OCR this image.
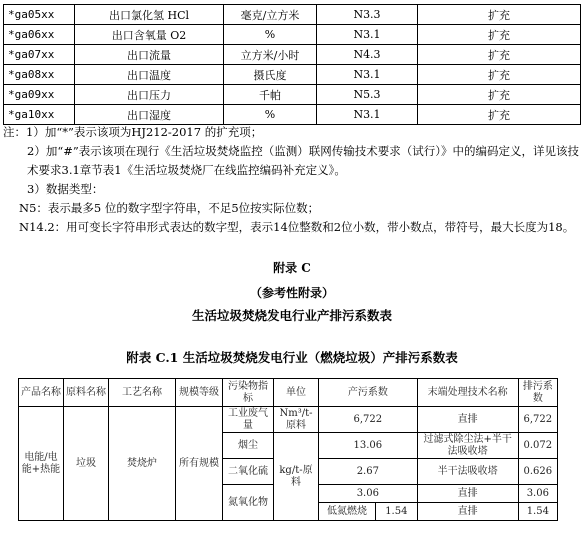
*ga05xx	出口氯化氢 HCl	毫克/立方米	N3.3	扩充
*ga06xx	出口含氧量 O2	%	N3.1	扩充
*ga07xx	出口流量	立方米/小时	N4.3	扩充
*ga08xx	出口温度	摄氏度	N3.1	扩充
*ga09xx	出口压力	千帕	N5.3	扩充
*ga10xx	出口湿度	%	N3.1	扩充

注：1）加“*”表示该项为HJ212-2017 的扩充项；

2）加“#”表示该项在现行《生活垃圾焚烧监控（监测）联网传输技术要求（试行）》中的编码定义，详见该技术要求3.1章节表1《生活垃圾焚烧厂在线监控编码补充定义》。

3）数据类型：

N5：表示最多5 位的数字型字符串，不足5位按实际位数；

N14.2：用可变长字符串形式表达的数字型，表示14位整数和2位小数，带小数点，带符号，最大长度为18。

附录 C
（参考性附录）
生活垃圾焚烧发电行业产排污系数表
附表 C.1 生活垃圾焚烧发电行业（燃烧垃圾）产排污系数表
产品名称	原料名称	工艺名称	规模等级	污染物指标	单位	产污系数		末端处理技术名称	排污系数
电能/电能+热能	垃圾	焚烧炉	所有规模	工业废气量	Nm³/t-原料	6,722		直排	6,722
				烟尘	kg/t-原料	13.06		过滤式除尘法+半干法吸收塔	0.072
				二氧化硫		2.67		半干法吸收塔	0.626
				氮氧化物		3.06		直排	3.06
						低氮燃烧	1.54	直排	1.54
